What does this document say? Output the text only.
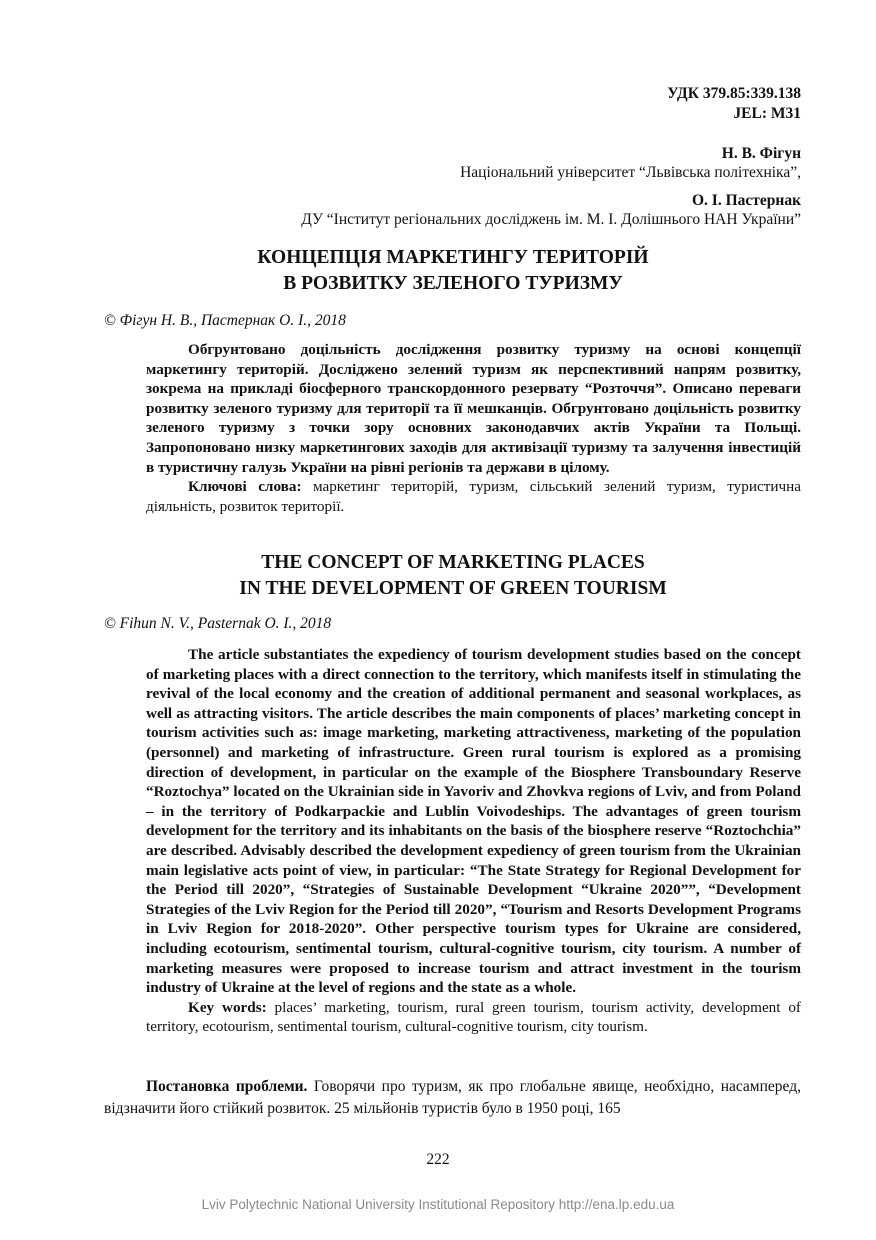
УДК 379.85:339.138
JEL: M31
Н. В. Фігун
Національний університет “Львівська політехніка”,
О. І. Пастернак
ДУ “Інститут регіональних досліджень ім. М. І. Долішнього НАН України”
КОНЦЕПЦІЯ МАРКЕТИНГУ ТЕРИТОРІЙ
В РОЗВИТКУ ЗЕЛЕНОГО ТУРИЗМУ
© Фігун Н. В., Пастернак О. І., 2018
Обгрунтовано доцільність дослідження розвитку туризму на основі концепції маркетингу територій. Досліджено зелений туризм як перспективний напрям розвитку, зокрема на прикладі біосферного транскордонного резервату “Розточчя”. Описано переваги розвитку зеленого туризму для території та її мешканців. Обгрунтовано доцільність розвитку зеленого туризму з точки зору основних законодавчих актів України та Польщі. Запропоновано низку маркетингових заходів для активізації туризму та залучення інвестицій в туристичну галузь України на рівні регіонів та держави в цілому.
Ключові слова: маркетинг територій, туризм, сільський зелений туризм, туристична діяльність, розвиток території.
THE CONCEPT OF MARKETING PLACES
IN THE DEVELOPMENT OF GREEN TOURISM
© Fihun N. V., Pasternak O. I., 2018
The article substantiates the expediency of tourism development studies based on the concept of marketing places with a direct connection to the territory, which manifests itself in stimulating the revival of the local economy and the creation of additional permanent and seasonal workplaces, as well as attracting visitors. The article describes the main components of places’ marketing concept in tourism activities such as: image marketing, marketing attractiveness, marketing of the population (personnel) and marketing of infrastructure. Green rural tourism is explored as a promising direction of development, in particular on the example of the Biosphere Transboundary Reserve “Roztochya” located on the Ukrainian side in Yavoriv and Zhovkva regions of Lviv, and from Poland – in the territory of Podkarpackie and Lublin Voivodeships. The advantages of green tourism development for the territory and its inhabitants on the basis of the biosphere reserve “Roztochchia” are described. Advisably described the development expediency of green tourism from the Ukrainian main legislative acts point of view, in particular: “The State Strategy for Regional Development for the Period till 2020”, “Strategies of Sustainable Development “Ukraine 2020””, “Development Strategies of the Lviv Region for the Period till 2020”, “Tourism and Resorts Development Programs in Lviv Region for 2018-2020”. Other perspective tourism types for Ukraine are considered, including ecotourism, sentimental tourism, cultural-cognitive tourism, city tourism. A number of marketing measures were proposed to increase tourism and attract investment in the tourism industry of Ukraine at the level of regions and the state as a whole.
Key words: places’ marketing, tourism, rural green tourism, tourism activity, development of territory, ecotourism, sentimental tourism, cultural-cognitive tourism, city tourism.
Постановка проблеми. Говорячи про туризм, як про глобальне явище, необхідно, насамперед, відзначити його стійкий розвиток. 25 мільйонів туристів було в 1950 році, 165
222
Lviv Polytechnic National University Institutional Repository http://ena.lp.edu.ua
